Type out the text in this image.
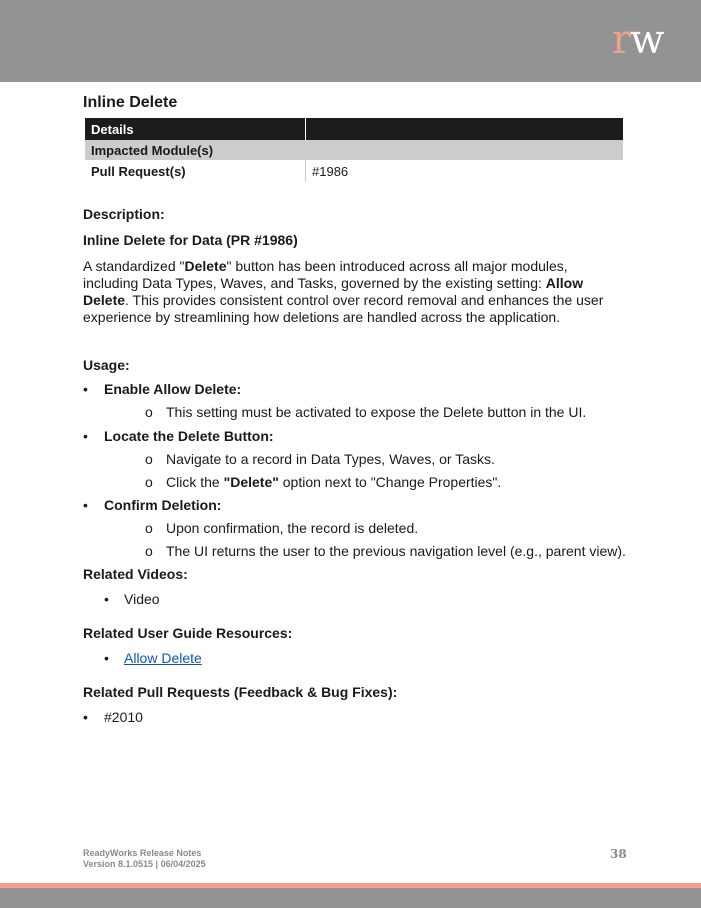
rw
Inline Delete
Details	
Impacted Module(s)	
Pull Request(s)	#1986
Description:
Inline Delete for Data (PR #1986)

A standardized "Delete" button has been introduced across all major modules, including Data Types, Waves, and Tasks, governed by the existing setting: Allow Delete. This provides consistent control over record removal and enhances the user experience by streamlining how deletions are handled across the application.

Usage:
• Enable Allow Delete:
o This setting must be activated to expose the Delete button in the UI.
• Locate the Delete Button:
o Navigate to a record in Data Types, Waves, or Tasks.
o Click the "Delete" option next to "Change Properties".
• Confirm Deletion:
o Upon confirmation, the record is deleted.
o The UI returns the user to the previous navigation level (e.g., parent view).
Related Videos:
• Video
Related User Guide Resources:
• Allow Delete
Related Pull Requests (Feedback & Bug Fixes):
• #2010
ReadyWorks Release Notes
Version 8.1.0515 | 06/04/2025
38
